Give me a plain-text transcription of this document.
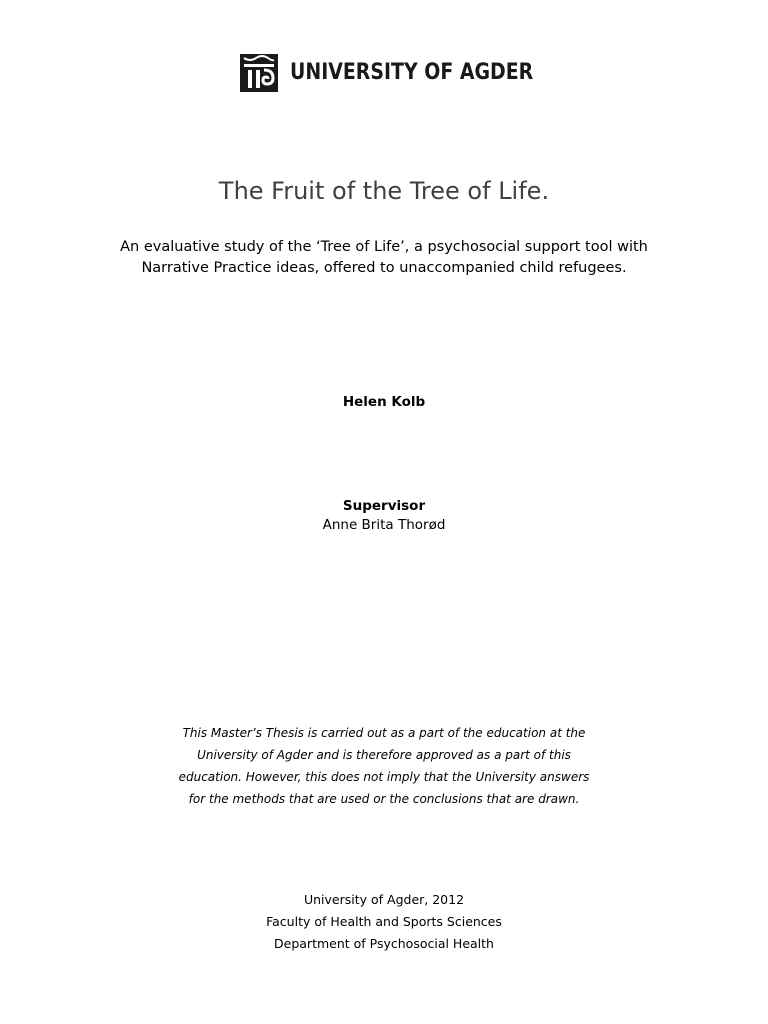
UNIVERSITY OF AGDER
The Fruit of the Tree of Life.
An evaluative study of the ‘Tree of Life’, a psychosocial support tool with
Narrative Practice ideas, offered to unaccompanied child refugees.
Helen Kolb
Supervisor
Anne Brita Thorød
This Master’s Thesis is carried out as a part of the education at the
University of Agder and is therefore approved as a part of this
education. However, this does not imply that the University answers
for the methods that are used or the conclusions that are drawn.
University of Agder, 2012
Faculty of Health and Sports Sciences
Department of Psychosocial Health
